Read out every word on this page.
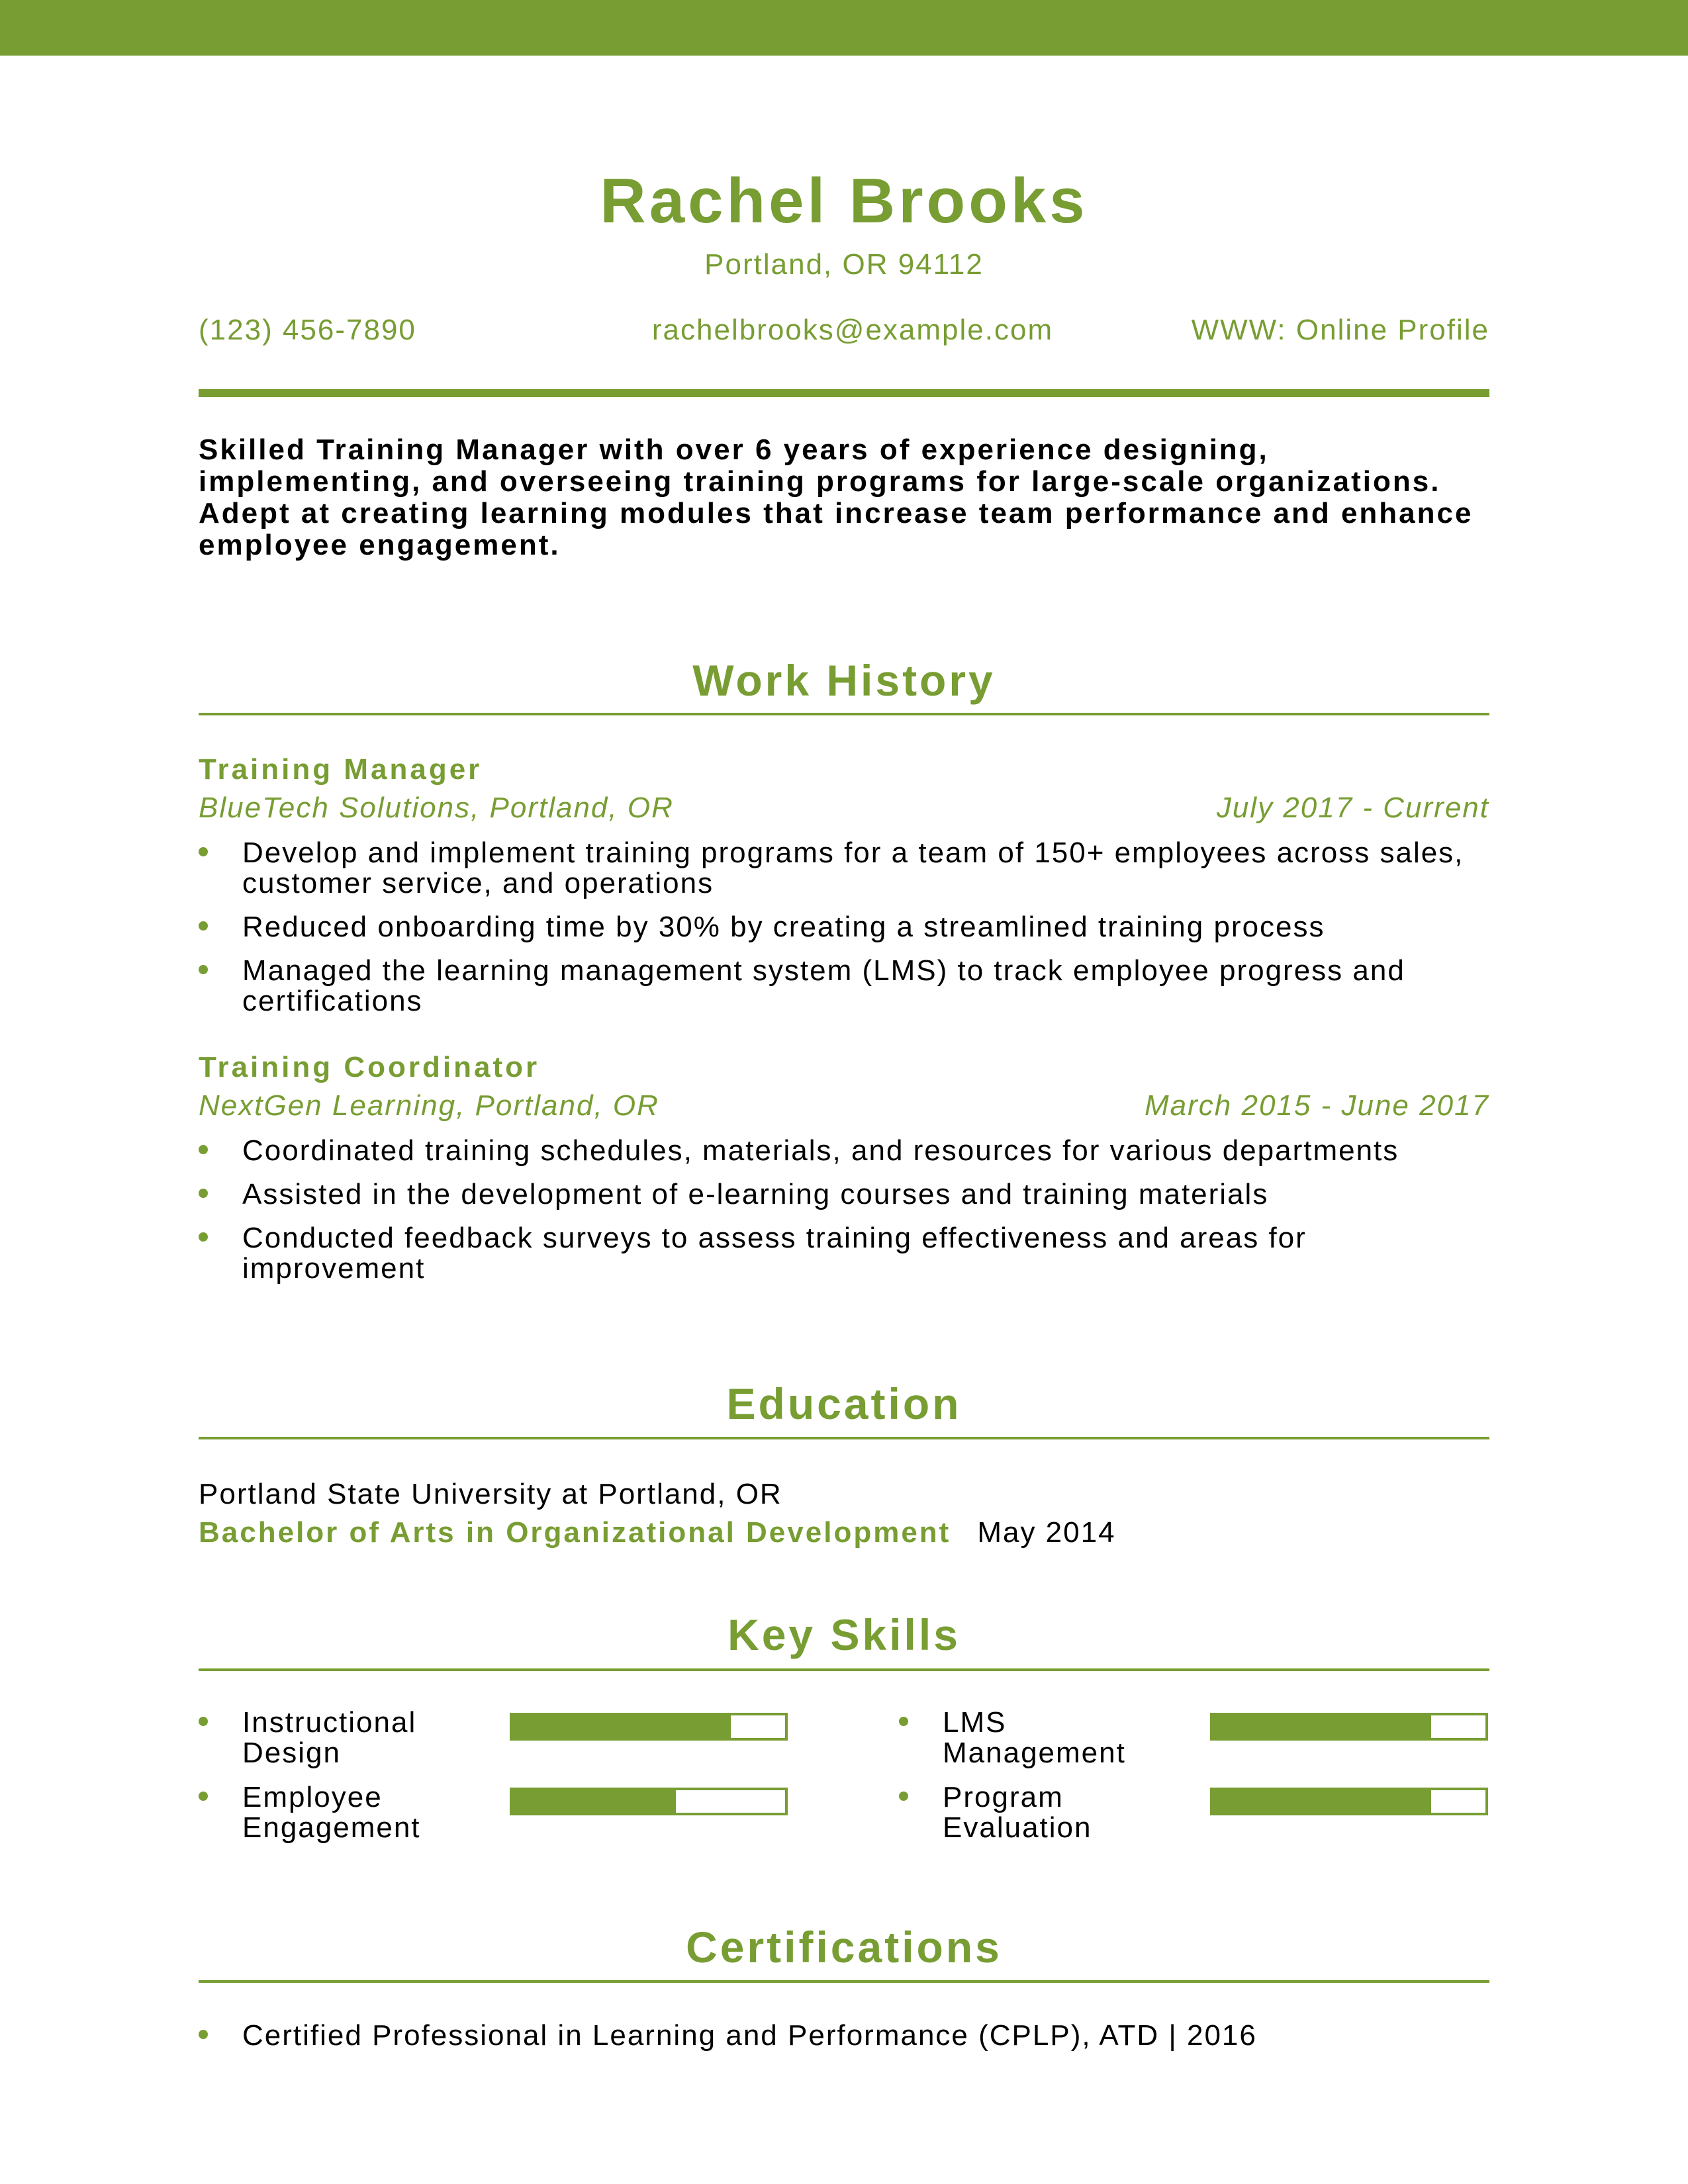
Rachel Brooks
Portland, OR 94112
(123) 456-7890	rachelbrooks@example.com	WWW: Online Profile
Skilled Training Manager with over 6 years of experience designing, implementing, and overseeing training programs for large-scale organizations. Adept at creating learning modules that increase team performance and enhance employee engagement.
Work History
Training Manager
BlueTech Solutions, Portland, OR	July 2017 - Current
Develop and implement training programs for a team of 150+ employees across sales, customer service, and operations
Reduced onboarding time by 30% by creating a streamlined training process
Managed the learning management system (LMS) to track employee progress and certifications
Training Coordinator
NextGen Learning, Portland, OR	March 2015 - June 2017
Coordinated training schedules, materials, and resources for various departments
Assisted in the development of e-learning courses and training materials
Conducted feedback surveys to assess training effectiveness and areas for improvement
Education
Portland State University at Portland, OR
Bachelor of Arts in Organizational Development May 2014
Key Skills
Instructional Design
LMS Management
Employee Engagement
Program Evaluation
Certifications
Certified Professional in Learning and Performance (CPLP), ATD | 2016
